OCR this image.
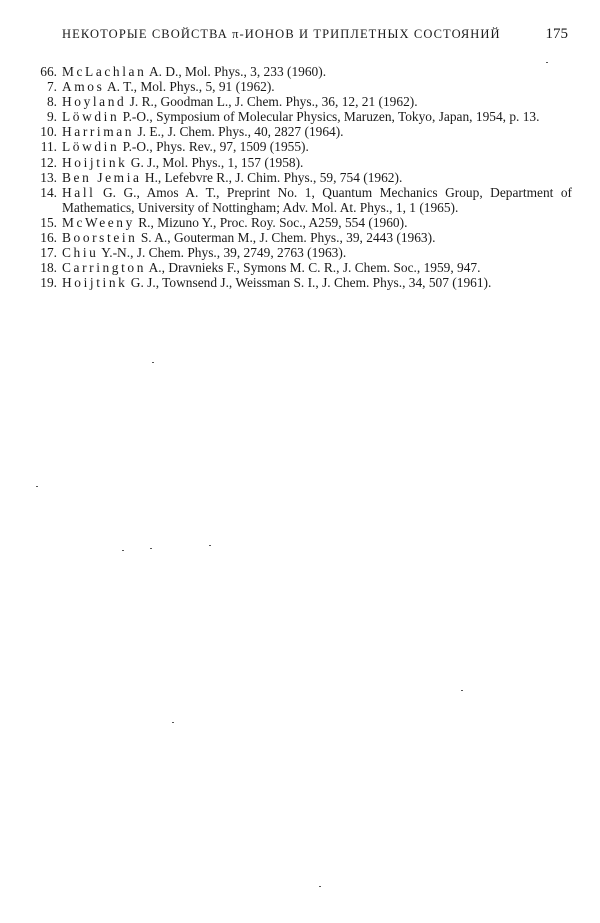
НЕКОТОРЫЕ СВОЙСТВА π-ИОНОВ И ТРИПЛЕТНЫХ СОСТОЯНИЙ	175
66. McLachlan A. D., Mol. Phys., 3, 233 (1960).
7. Amos A. T., Mol. Phys., 5, 91 (1962).
8. Hoyland J. R., Goodman L., J. Chem. Phys., 36, 12, 21 (1962).
9. Löwdin P.-O., Symposium of Molecular Physics, Maruzen, Tokyo, Japan, 1954, p. 13.
10. Harriman J. E., J. Chem. Phys., 40, 2827 (1964).
11. Löwdin P.-O., Phys. Rev., 97, 1509 (1955).
12. Hoijtink G. J., Mol. Phys., 1, 157 (1958).
13. Ben Jemia H., Lefebvre R., J. Chim. Phys., 59, 754 (1962).
14. Hall G. G., Amos A. T., Preprint No. 1, Quantum Mechanics Group, Department of Mathematics, University of Nottingham; Adv. Mol. At. Phys., 1, 1 (1965).
15. McWeeny R., Mizuno Y., Proc. Roy. Soc., A259, 554 (1960).
16. Boorstein S. A., Gouterman M., J. Chem. Phys., 39, 2443 (1963).
17. Chiu Y.-N., J. Chem. Phys., 39, 2749, 2763 (1963).
18. Carrington A., Dravnieks F., Symons M. C. R., J. Chem. Soc., 1959, 947.
19. Hoijtink G. J., Townsend J., Weissman S. I., J. Chem. Phys., 34, 507 (1961).
